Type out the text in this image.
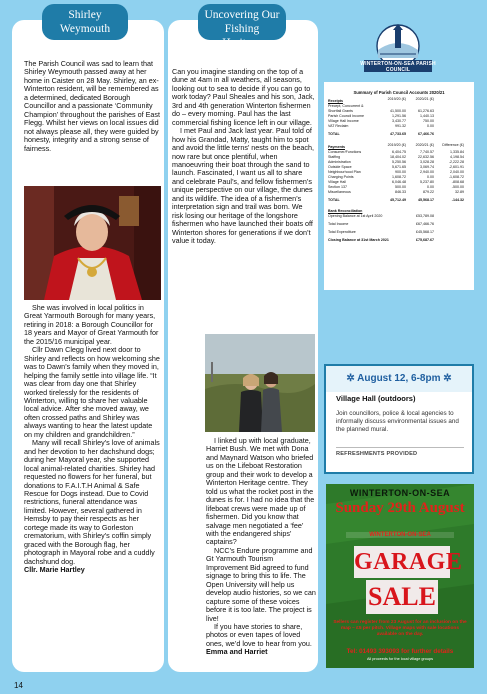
Shirley Weymouth

The Parish Council was sad to learn that Shirley Weymouth passed away at her home in Caister on 28 May. Shirley, an ex-Winterton resident, will be remembered as a determined, dedicated Borough Councillor and a passionate ‘Community Champion’ throughout the parishes of East Flegg. Whilst her views on local issues did not always please all, they were guided by honesty, integrity and a strong sense of fairness.

She was involved in local politics in Great Yarmouth Borough for many years, retiring in 2018: a Borough Councillor for 18 years and Mayor of Great Yarmouth for the 2015/16 municipal year.

Cllr Dawn Clegg lived next door to Shirley and reflects on how welcoming she was to Dawn’s family when they moved in, helping the family settle into village life. “It was clear from day one that Shirley worked tirelessly for the residents of Winterton, willing to share her valuable local advice. After she moved away, we often crossed paths and Shirley was always wanting to hear the latest update on my children and grandchildren.”

Many will recall Shirley’s love of animals and her devotion to her dachshund dogs; during her Mayoral year, she supported local animal-related charities. Shirley had requested no flowers for her funeral, but donations to F.A.I.T.H Animal & Safe Rescue for Dogs instead. Due to Covid restrictions, funeral attendance was limited. However, several gathered in Hemsby to pay their respects as her cortege made its way to Gorleston crematorium, with Shirley’s coffin simply graced with the Borough flag, her photograph in Mayoral robe and a cuddly dachshund dog.

Cllr. Marie Hartley

Uncovering Our Fishing Heritage

Can you imagine standing on the top of a dune at 4am in all weathers, all seasons, looking out to sea to decide if you can go to work today? Paul Sheales and his son, Jack, 3rd and 4th generation Winterton fishermen do – every morning. Paul has the last commercial fishing licence left in our village.

I met Paul and Jack last year. Paul told of how his Grandad, Matty, taught him to spot and avoid the little terns’ nests on the beach, now rare but once plentiful, when manoeuvring their boat through the sand to launch. Fascinated, I want us all to share and celebrate Paul’s, and fellow fishermen’s unique perspective on our village, the dunes and its wildlife. The idea of a fishermen’s interpretation sign and trail was born. We risk losing our heritage of the longshore fishermen who have launched their boats off Winterton shores for generations if we don’t value it today.

I linked up with local graduate, Harriet Bush. We met with Dona and Maynard Watson who briefed us on the Lifeboat Restoration group and their work to develop a Winterton Heritage centre. They told us what the rocket post in the dunes is for. I had no idea that the lifeboat crews were made up of fishermen. Did you know that salvage men negotiated a ‘fee’ with the endangered ships’ captains?

NCC’s Endure programme and Gt Yarmouth Tourism Improvement Bid agreed to fund signage to bring this to life. The Open University will help us develop audio histories, so we can capture some of these voices before it is too late. The project is live!

If you have stories to share, photos or even tapes of loved ones, we’d love to hear from you.

Emma and Harriet

WINTERTON-ON-SEA PARISH COUNCIL
Summary of Parish Council Accounts 2020/21
Receipts	2019/20 (£)	2020/21 (£)
Precept, Concurrent &
Shortfall Grants	41,500.00	61,276.63
Parish Council Income	1,291.56	1,440.13
Village Hall Income	3,430.77	750.00
VAT Reclaim	991.32	0.00
TOTAL	47,733.65	67,466.76
Payments	2019/20 (£)	2020/21 (£)	Difference (£)
Consumer/Functions	6,404.75	7,740.57	1,335.84
Staffing	18,404.02	22,632.56	4,198.54
Administration	5,250.56	3,028.28	-2,222.28
Outside Space	5,671.65	3,069.74	-2,601.91
Neighbourhood Plan	900.00	2,940.00	2,040.00
Charging Points	1,608.72	0.00	-1,608.72
Village Hall	6,046.48	5,237.80	-808.68
Section 137	500.00	0.00	-500.00
Miscellaneous	846.33	879.22	32.89
TOTAL	45,712.49	45,568.17	-144.32
Bank Reconciliation
Opening Balance at 1st April 2020	£53,789.08
Total Income	£67,466.76
Total Expenditure	£45,568.17
Closing Balance at 31st March 2021	£75,687.67
✲ August 12, 6-8pm ✲
Village Hall (outdoors)
Join councillors, police & local agencies to informally discuss environmental issues and the planned mural.
REFRESHMENTS PROVIDED
WINTERTON-ON-SEA
Sunday 29th August
WINTERTON-ON-SEA
GARAGE
SALE
Sellers can register from 23 August for an inclusion on the map – £5 per pitch. Village maps with sale locations available on the day.
Tel: 01493 393093 for further details
All proceeds for the local village groups
14
